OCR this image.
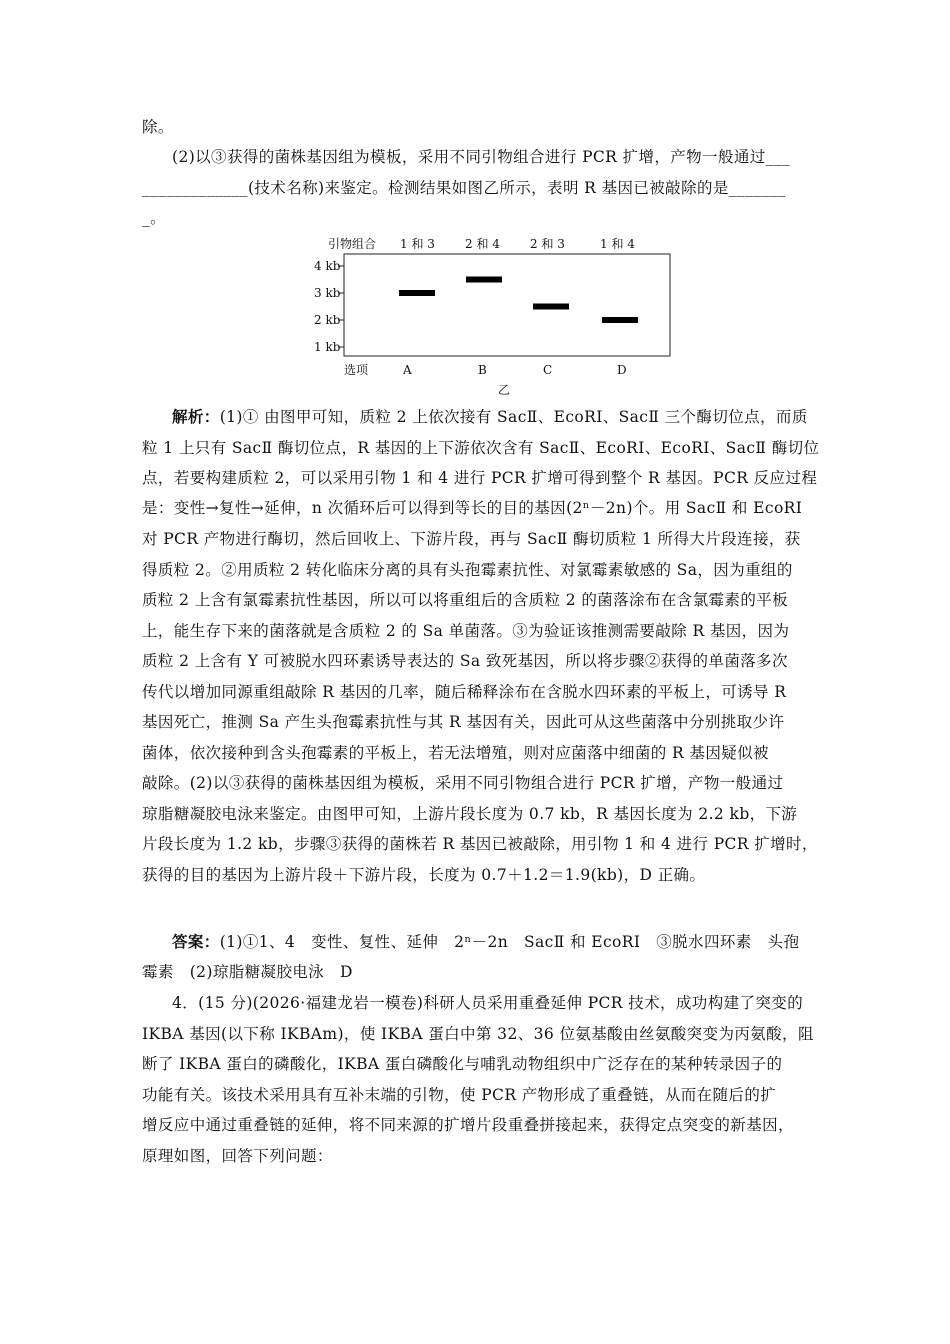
除。
(2)以③获得的菌株基因组为模板，采用不同引物组合进行 PCR 扩增，产物一般通过___
_____________(技术名称)来鉴定。检测结果如图乙所示，表明 R 基因已被敲除的是_______
_。
引物组合 1 和 3	2 和 4	2 和 3	1 和 4
4 kb
3 kb
2 kb
1 kb
选项	A	B	C	D
乙
解析：(1)① 由图甲可知，质粒 2 上依次接有 SacⅡ、EcoRI、SacⅡ 三个酶切位点，而质
粒 1 上只有 SacⅡ 酶切位点，R 基因的上下游依次含有 SacⅡ、EcoRI、EcoRI、SacⅡ 酶切位
点，若要构建质粒 2，可以采用引物 1 和 4 进行 PCR 扩增可得到整个 R 基因。PCR 反应过程
是：变性→复性→延伸，n 次循环后可以得到等长的目的基因(2ⁿ－2n)个。用 SacⅡ 和 EcoRI
对 PCR 产物进行酶切，然后回收上、下游片段，再与 SacⅡ 酶切质粒 1 所得大片段连接，获
得质粒 2。②用质粒 2 转化临床分离的具有头孢霉素抗性、对氯霉素敏感的 Sa，因为重组的
质粒 2 上含有氯霉素抗性基因，所以可以将重组后的含质粒 2 的菌落涂布在含氯霉素的平板
上，能生存下来的菌落就是含质粒 2 的 Sa 单菌落。③为验证该推测需要敲除 R 基因，因为
质粒 2 上含有 Y 可被脱水四环素诱导表达的 Sa 致死基因，所以将步骤②获得的单菌落多次
传代以增加同源重组敲除 R 基因的几率，随后稀释涂布在含脱水四环素的平板上，可诱导 R
基因死亡，推测 Sa 产生头孢霉素抗性与其 R 基因有关，因此可从这些菌落中分别挑取少许
菌体，依次接种到含头孢霉素的平板上，若无法增殖，则对应菌落中细菌的 R 基因疑似被
敲除。(2)以③获得的菌株基因组为模板，采用不同引物组合进行 PCR 扩增，产物一般通过
琼脂糖凝胶电泳来鉴定。由图甲可知，上游片段长度为 0.7 kb，R 基因长度为 2.2 kb，下游
片段长度为 1.2 kb，步骤③获得的菌株若 R 基因已被敲除，用引物 1 和 4 进行 PCR 扩增时，
获得的目的基因为上游片段＋下游片段，长度为 0.7＋1.2＝1.9(kb)，D 正确。
答案：(1)①1、4　变性、复性、延伸　2ⁿ－2n　SacⅡ 和 EcoRI　③脱水四环素　头孢
霉素　(2)琼脂糖凝胶电泳　D
4．(15 分)(2026·福建龙岩一模卷)科研人员采用重叠延伸 PCR 技术，成功构建了突变的
IKBA 基因(以下称 IKBAm)，使 IKBA 蛋白中第 32、36 位氨基酸由丝氨酸突变为丙氨酸，阻
断了 IKBA 蛋白的磷酸化，IKBA 蛋白磷酸化与哺乳动物组织中广泛存在的某种转录因子的
功能有关。该技术采用具有互补末端的引物，使 PCR 产物形成了重叠链，从而在随后的扩
增反应中通过重叠链的延伸，将不同来源的扩增片段重叠拼接起来，获得定点突变的新基因，
原理如图，回答下列问题：
